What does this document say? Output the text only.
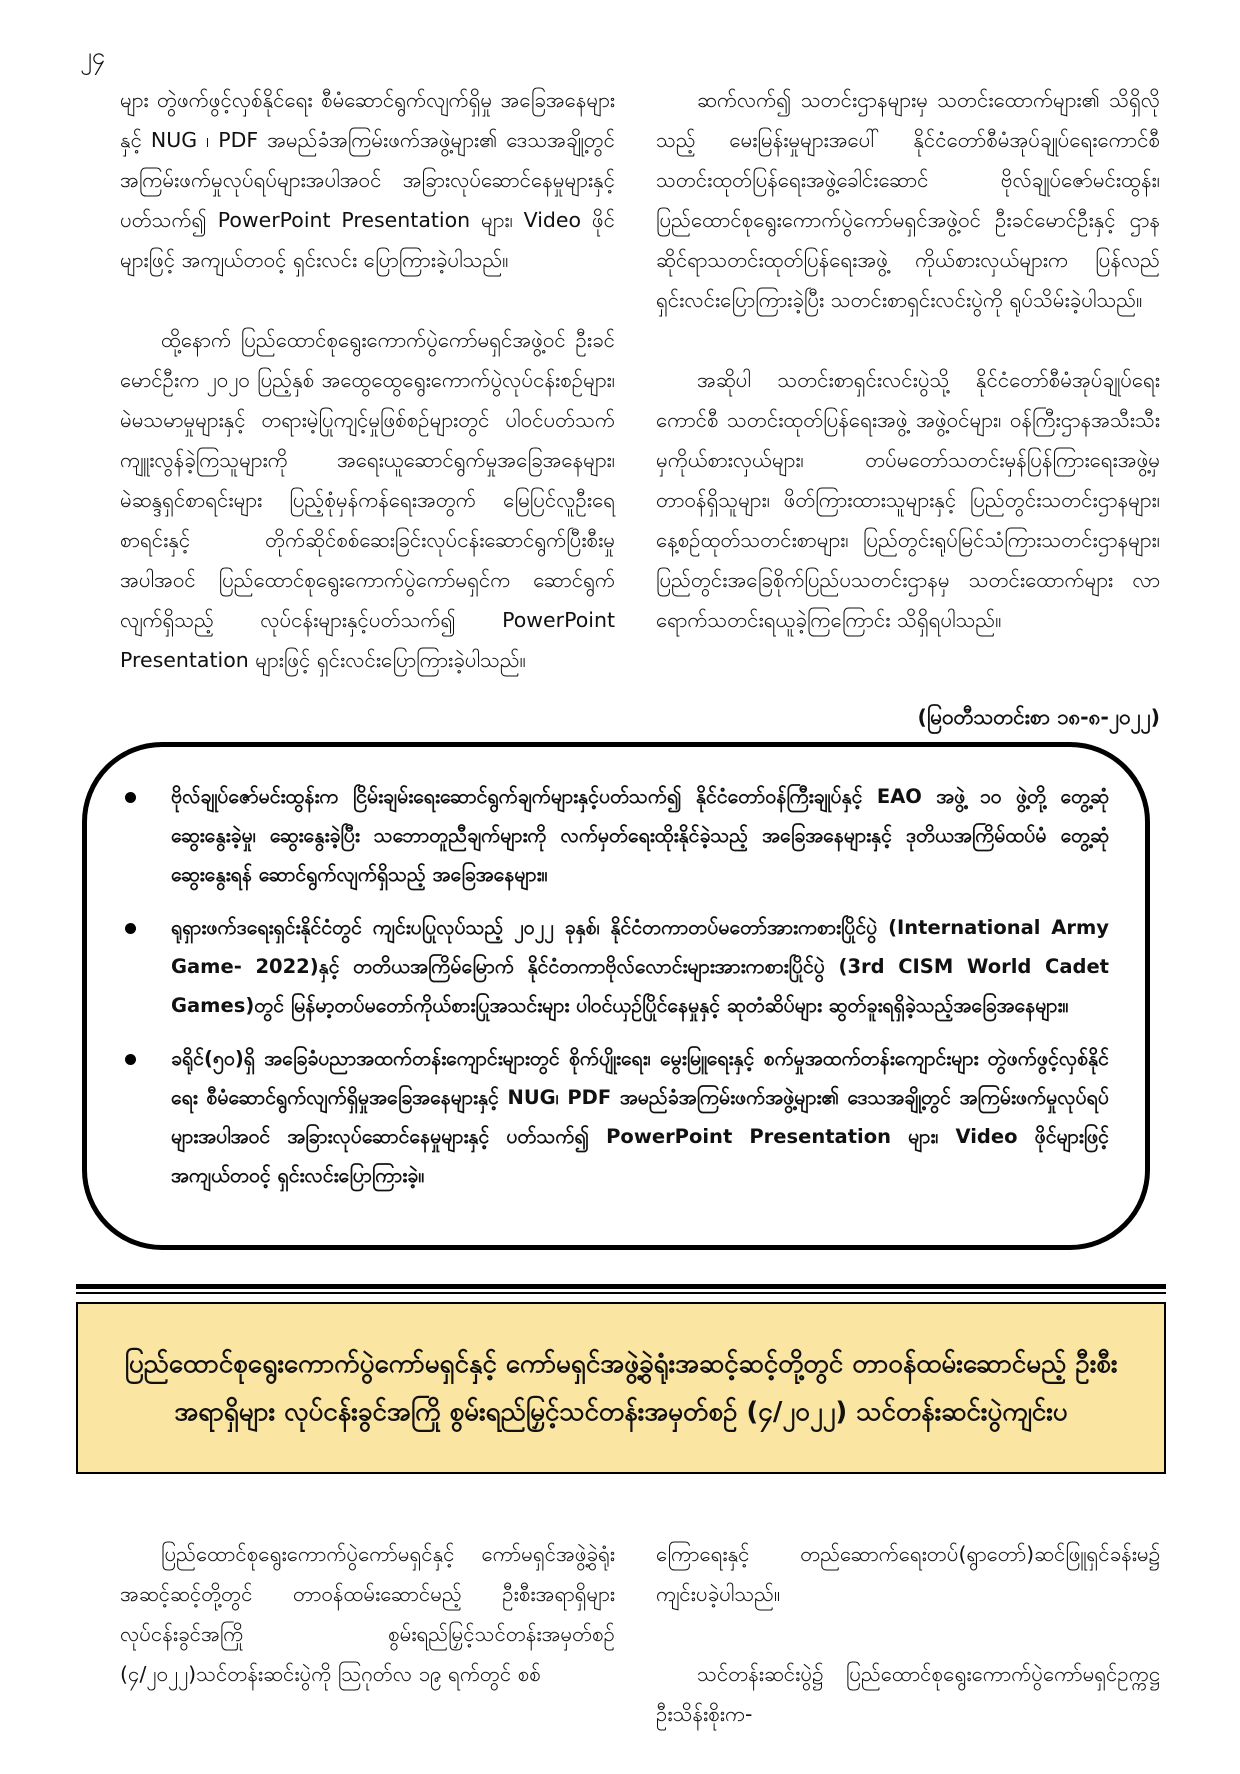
၂၄

များ တွဲဖက်ဖွင့်လှစ်နိုင်ရေး စီမံဆောင်ရွက်လျက်ရှိမှု အခြေအနေများနှင့် NUG ၊ PDF အမည်ခံအကြမ်းဖက်အဖွဲ့များ၏ ဒေသအချို့တွင် အကြမ်းဖက်မှုလုပ်ရပ်များအပါအဝင် အခြားလုပ်ဆောင်နေမှုများနှင့်ပတ်သက်၍ PowerPoint Presentation များ၊ Video ဖိုင်များဖြင့် အကျယ်တဝင့် ရှင်းလင်း ပြောကြားခဲ့ပါသည်။

ထို့နောက် ပြည်ထောင်စုရွေးကောက်ပွဲကော်မရှင်အဖွဲ့ဝင် ဦးခင်မောင်ဦးက ၂၀၂၀ ပြည့်နှစ် အထွေထွေရွေးကောက်ပွဲလုပ်ငန်းစဉ်များ၊ မဲမသမာမှုများနှင့် တရားမဲ့ပြုကျင့်မှုဖြစ်စဉ်များတွင် ပါဝင်ပတ်သက်ကျူးလွန်ခဲ့ကြသူများကို အရေးယူဆောင်ရွက်မှုအခြေအနေများ၊ မဲဆန္ဒရှင်စာရင်းများ ပြည့်စုံမှန်ကန်ရေးအတွက် မြေပြင်လူဦးရေစာရင်းနှင့် တိုက်ဆိုင်စစ်ဆေးခြင်းလုပ်ငန်းဆောင်ရွက်ပြီးစီးမှုအပါအဝင် ပြည်ထောင်စုရွေးကောက်ပွဲကော်မရှင်က ဆောင်ရွက်လျက်ရှိသည့် လုပ်ငန်းများနှင့်ပတ်သက်၍ PowerPoint Presentation များဖြင့် ရှင်းလင်းပြောကြားခဲ့ပါသည်။

ဆက်လက်၍ သတင်းဌာနများမှ သတင်းထောက်များ၏ သိရှိလိုသည့် မေးမြန်းမှုများအပေါ် နိုင်ငံတော်စီမံအုပ်ချုပ်ရေးကောင်စီ သတင်းထုတ်ပြန်ရေးအဖွဲ့ခေါင်းဆောင် ဗိုလ်ချုပ်ဇော်မင်းထွန်း၊ ပြည်ထောင်စုရွေးကောက်ပွဲကော်မရှင်အဖွဲ့ဝင် ဦးခင်မောင်ဦးနှင့် ဌာနဆိုင်ရာသတင်းထုတ်ပြန်ရေးအဖွဲ့ ကိုယ်စားလှယ်များက ပြန်လည်ရှင်းလင်းပြောကြားခဲ့ပြီး သတင်းစာရှင်းလင်းပွဲကို ရုပ်သိမ်းခဲ့ပါသည်။

အဆိုပါ သတင်းစာရှင်းလင်းပွဲသို့ နိုင်ငံတော်စီမံအုပ်ချုပ်ရေးကောင်စီ သတင်းထုတ်ပြန်ရေးအဖွဲ့ အဖွဲ့ဝင်များ၊ ဝန်ကြီးဌာနအသီးသီးမှကိုယ်စားလှယ်များ၊ တပ်မတော်သတင်းမှန်ပြန်ကြားရေးအဖွဲ့မှ တာဝန်ရှိသူများ၊ ဖိတ်ကြားထားသူများနှင့် ပြည်တွင်းသတင်းဌာနများ၊ နေ့စဉ်ထုတ်သတင်းစာများ၊ ပြည်တွင်းရုပ်မြင်သံကြားသတင်းဌာနများ၊ ပြည်တွင်းအခြေစိုက်ပြည်ပသတင်းဌာနမှ သတင်းထောက်များ လာရောက်သတင်းရယူခဲ့ကြကြောင်း သိရှိရပါသည်။

(မြဝတီသတင်းစာ ၁၈-၈-၂၀၂၂)
ဗိုလ်ချုပ်ဇော်မင်းထွန်းက ငြိမ်းချမ်းရေးဆောင်ရွက်ချက်များနှင့်ပတ်သက်၍ နိုင်ငံတော်ဝန်ကြီးချုပ်နှင့် EAO အဖွဲ့ ၁၀ ဖွဲ့တို့ တွေ့ဆုံဆွေးနွေးခဲ့မှု၊ ဆွေးနွေးခဲ့ပြီး သဘောတူညီချက်များကို လက်မှတ်ရေးထိုးနိုင်ခဲ့သည့် အခြေအနေများနှင့် ဒုတိယအကြိမ်ထပ်မံ တွေ့ဆုံဆွေးနွေးရန် ဆောင်ရွက်လျက်ရှိသည့် အခြေအနေများ။
ရုရှားဖက်ဒရေးရှင်းနိုင်ငံတွင် ကျင်းပပြုလုပ်သည့် ၂၀၂၂ ခုနှစ်၊ နိုင်ငံတကာတပ်မတော်အားကစားပြိုင်ပွဲ (International Army Game- 2022)နှင့် တတိယအကြိမ်မြောက် နိုင်ငံတကာဗိုလ်လောင်းများအားကစားပြိုင်ပွဲ (3rd CISM World Cadet Games)တွင် မြန်မာ့တပ်မတော်ကိုယ်စားပြုအသင်းများ ပါဝင်ယှဉ်ပြိုင်နေမှုနှင့် ဆုတံဆိပ်များ ဆွတ်ခူးရရှိခဲ့သည့်အခြေအနေများ။
ခရိုင်(၅၀)ရှိ အခြေခံပညာအထက်တန်းကျောင်းများတွင် စိုက်ပျိုးရေး၊ မွေးမြူရေးနှင့် စက်မှုအထက်တန်းကျောင်းများ တွဲဖက်ဖွင့်လှစ်နိုင်ရေး စီမံဆောင်ရွက်လျက်ရှိမှုအခြေအနေများနှင့် NUG၊ PDF အမည်ခံအကြမ်းဖက်အဖွဲ့များ၏ ဒေသအချို့တွင် အကြမ်းဖက်မှုလုပ်ရပ်များအပါအဝင် အခြားလုပ်ဆောင်နေမှုများနှင့် ပတ်သက်၍ PowerPoint Presentation များ၊ Video ဖိုင်များဖြင့် အကျယ်တဝင့် ရှင်းလင်းပြောကြားခဲ့။

ပြည်ထောင်စုရွေးကောက်ပွဲကော်မရှင်နှင့် ကော်မရှင်အဖွဲ့ခွဲရုံးအဆင့်ဆင့်တို့တွင် တာဝန်ထမ်းဆောင်မည့် ဦးစီးအရာရှိများ လုပ်ငန်းခွင်အကြို စွမ်းရည်မြှင့်သင်တန်းအမှတ်စဉ် (၄/၂၀၂၂) သင်တန်းဆင်းပွဲကျင်းပ

ပြည်ထောင်စုရွေးကောက်ပွဲကော်မရှင်နှင့် ကော်မရှင်အဖွဲ့ခွဲရုံးအဆင့်ဆင့်တို့တွင် တာဝန်ထမ်းဆောင်မည့် ဦးစီးအရာရှိများ လုပ်ငန်းခွင်အကြို စွမ်းရည်မြှင့်သင်တန်းအမှတ်စဉ် (၄/၂၀၂၂)သင်တန်းဆင်းပွဲကို ဩဂုတ်လ ၁၉ ရက်တွင် စစ်

ကြောရေးနှင့် တည်ဆောက်ရေးတပ်(ရွာတော်)ဆင်ဖြူရှင်ခန်းမ၌ ကျင်းပခဲ့ပါသည်။

သင်တန်းဆင်းပွဲ၌ ပြည်ထောင်စုရွေးကောက်ပွဲကော်မရှင်ဥက္ကဋ္ဌ ဦးသိန်းစိုးက-
